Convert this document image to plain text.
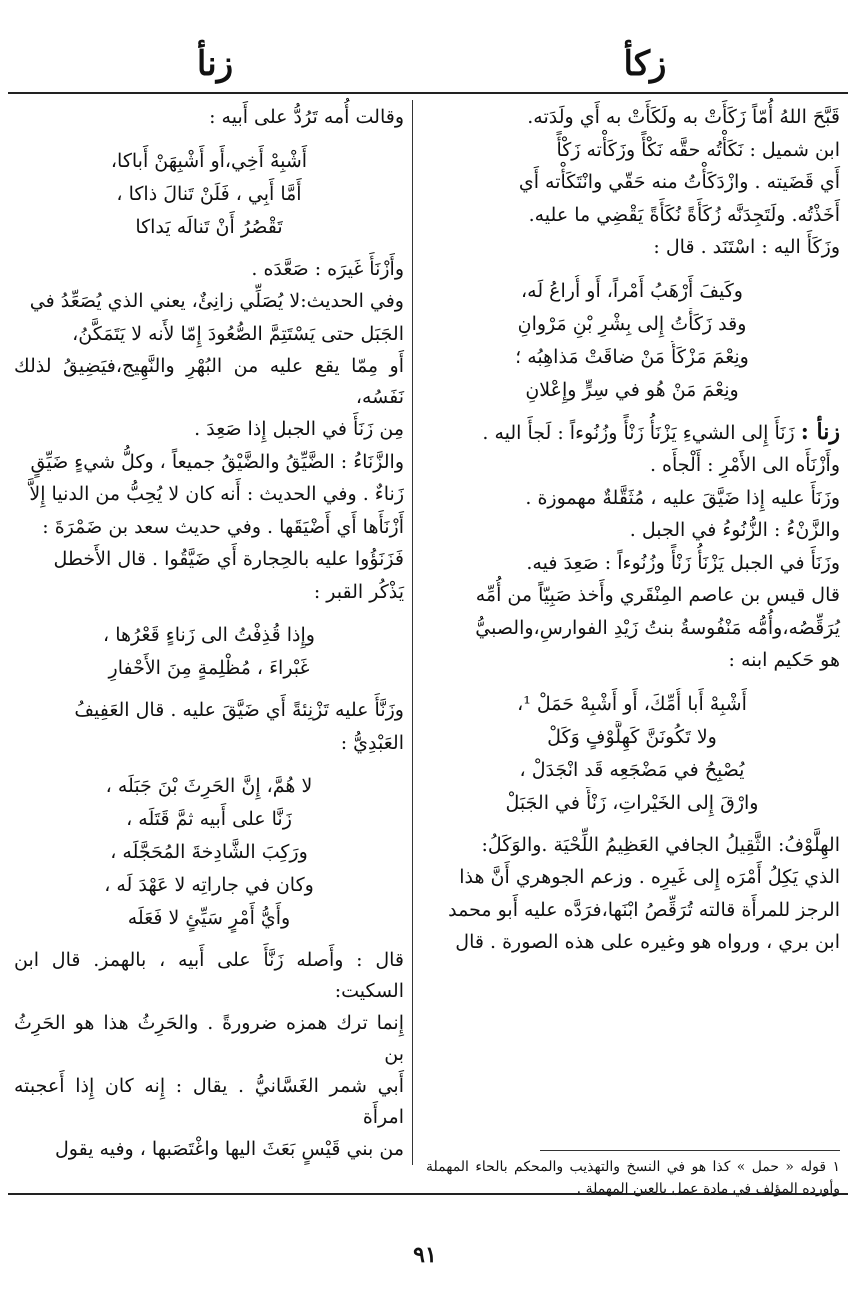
زكأ
زنأ

قَبَّحَ اللهُ أُمّاً زَكَأَتْ به ولَكَأَتْ به أَي ولَدَته.

ابن شميل : نَكَأْتُه حقَّه نَكْأً وزَكَأْته زَكْأً

أَي قَضَيته . وازْدَكَأْتُ منه حَقّي وانْتَكَأْته أَي

أَخَذْتُه. ولَتَجِدَنَّه زُكَأَةً نُكَأَةً يَقْضِي ما عليه.

وزَكَأَ اليه : اسْتَنَد . قال :

وكَيفَ أَرْهَبُ أَمْراً، أَو أُراعُ لَه،
وقد زَكَأْتُ إِلى بِشْرِ بْنِ مَرْوانِ
ونِعْمَ مَزْكَأُ مَنْ ضاقَتْ مَذاهِبُه ؛
ونِعْمَ مَنْ هُو في سِرٍّ وإِعْلانِ

زنأ : زَنَأَ إِلى الشيءِ يَزْنَأُ زَنْأً وزُنُوءاً : لَجأَ اليه .

وأَزْنَأَه الى الأَمْرِ : أَلْجأَه .

وزَنَأَ عليه إِذا ضَيَّقَ عليه ، مُثَقَّلةٌ مهموزة .

والزَّنْءُ : الزُّنُوءُ في الجبل .

وزَنَأَ في الجبل يَزْنَأُ زَنْأً وزُنُوءاً : صَعِدَ فيه.

قال قيس بن عاصم المِنْقَري وأَخذ صَبِيّاً من أُمِّه

يُرَقِّصُه،وأُمُّه مَنْفُوسةُ بنتُ زَيْدِ الفوارسِ،والصبيُّ

هو حَكيم ابنه :

أَشْبِهْ أَبا أُمِّكَ، أَو أَشْبِهْ حَمَلْ ¹،
ولا تَكُونَنَّ كَهِلَّوْفٍ وَكَلْ
يُصْبِحُ في مَضْجَعِه قَد انْجَدَلْ ،
وارْقَ إِلى الخَيْراتِ، زَنْأً في الجَبَلْ

الهِلَّوْفُ: الثَّقِيلُ الجافي العَظِيمُ اللِّحْيَة .والوَكَلُ:

الذي يَكِلُ أَمْرَه إِلى غَيرِه . وزعم الجوهري أَنَّ هذا

الرجز للمرأَة قالته تُرَقِّصُ ابْنَها،فرَدَّه عليه أَبو محمد

ابن بري ، ورواه هو وغيره على هذه الصورة . قال

وقالت أُمه تَرُدُّ على أَبيه :

أَشْبِهْ أَخِي،أَو أَشْبِهَنْ أَباكا،
أَمَّا أَبِي ، فَلَنْ تَنالَ ذاكا ،
تَقْصُرُ أَنْ تَنالَه يَداكا

وأَزْنَأَ غَيرَه : صَعَّدَه .

وفي الحديث:لا يُصَلِّي زانِئٌ، يعني الذي يُصَعِّدُ في

الجَبَل حتى يَسْتَتِمَّ الصُّعُودَ إِمّا لأَنه لا يَتَمَكَّنُ،

أَو مِمّا يقع عليه من البُهْرِ والنَّهِيج،فيَضِيقُ لذلك نَفَسُه،

مِن زَنَأَ في الجبل إِذا صَعِدَ .

والزَّنَاءُ : الضَّيِّقُ والضَّيْقُ جميعاً ، وكلُّ شيءٍ ضَيِّقٍ

زَناءٌ . وفي الحديث : أَنه كان لا يُحِبُّ من الدنيا إِلاَّ

أَزْنَأَها أَي أَضْيَقَها . وفي حديث سعد بن ضَمْرَةَ :

فَزَنَؤُوا عليه بالحِجارة أَي ضَيَّقُوا . قال الأَخطل

يَذْكُر القبر :

وإِذا قُذِفْتُ الى زَناءٍ قَعْرُها ،
غَبْراءَ ، مُظْلِمةٍ مِنَ الأَحْفارِ

وزَنَّأَ عليه تَزْنِئةً أَي ضَيَّقَ عليه . قال العَفِيفُ

العَبْدِيُّ :

لا هُمَّ، إِنَّ الحَرِثَ بْنَ جَبَلَه ،
زَنَّا على أَبيه ثمَّ قَتَلَه ،
ورَكِبَ الشَّادِخةَ المُحَجَّلَه ،
وكان في جاراتِه لا عَهْدَ لَه ،
وأَيُّ أَمْرٍ سَيِّئٍ لا فَعَلَه

قال : وأَصله زَنَّأَ على أَبيه ، بالهمز. قال ابن السكيت:

إِنما ترك همزه ضرورةً . والحَرِثُ هذا هو الحَرِثُ بن

أَبي شمر الغَسَّانيُّ . يقال : إِنه كان إِذا أَعجبته امرأَة

من بني قَيْسٍ بَعَثَ اليها واغْتَصَبها ، وفيه يقول

١ قوله « حمل » كذا هو في النسخ والتهذيب والمحكم بالحاء المهملة وأورده المؤلف في مادة عمل بالعين المهملة .
٩١
